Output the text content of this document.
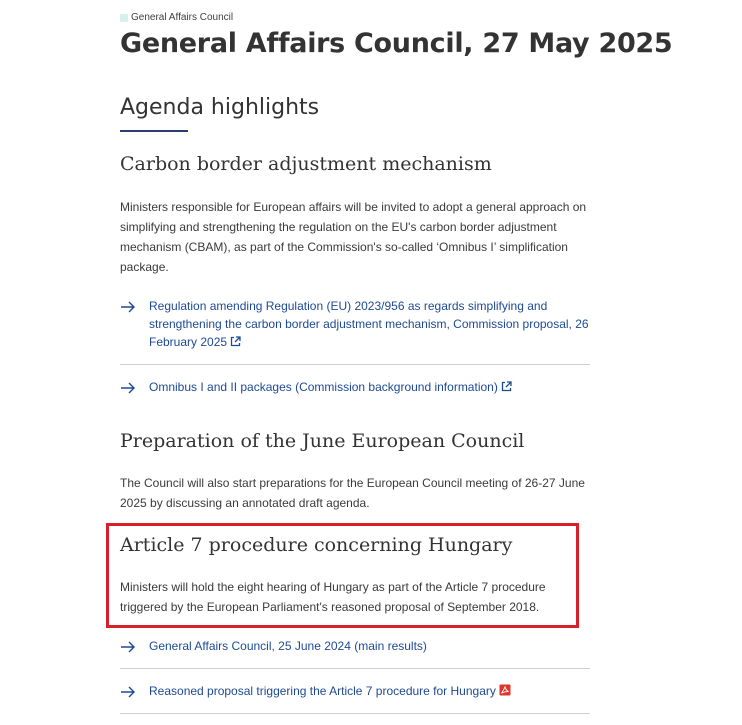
General Affairs Council
General Affairs Council, 27 May 2025
Agenda highlights
Carbon border adjustment mechanism

Ministers responsible for European affairs will be invited to adopt a general approach on simplifying and strengthening the regulation on the EU's carbon border adjustment mechanism (CBAM), as part of the Commission's so-called ‘Omnibus I’ simplification package.

Regulation amending Regulation (EU) 2023/956 as regards simplifying and strengthening the carbon border adjustment mechanism, Commission proposal, 26 February 2025
Omnibus I and II packages (Commission background information)
Preparation of the June European Council

The Council will also start preparations for the European Council meeting of 26-27 June 2025 by discussing an annotated draft agenda.

Article 7 procedure concerning Hungary

Ministers will hold the eight hearing of Hungary as part of the Article 7 procedure triggered by the European Parliament's reasoned proposal of September 2018.

General Affairs Council, 25 June 2024 (main results)
Reasoned proposal triggering the Article 7 procedure for Hungary
